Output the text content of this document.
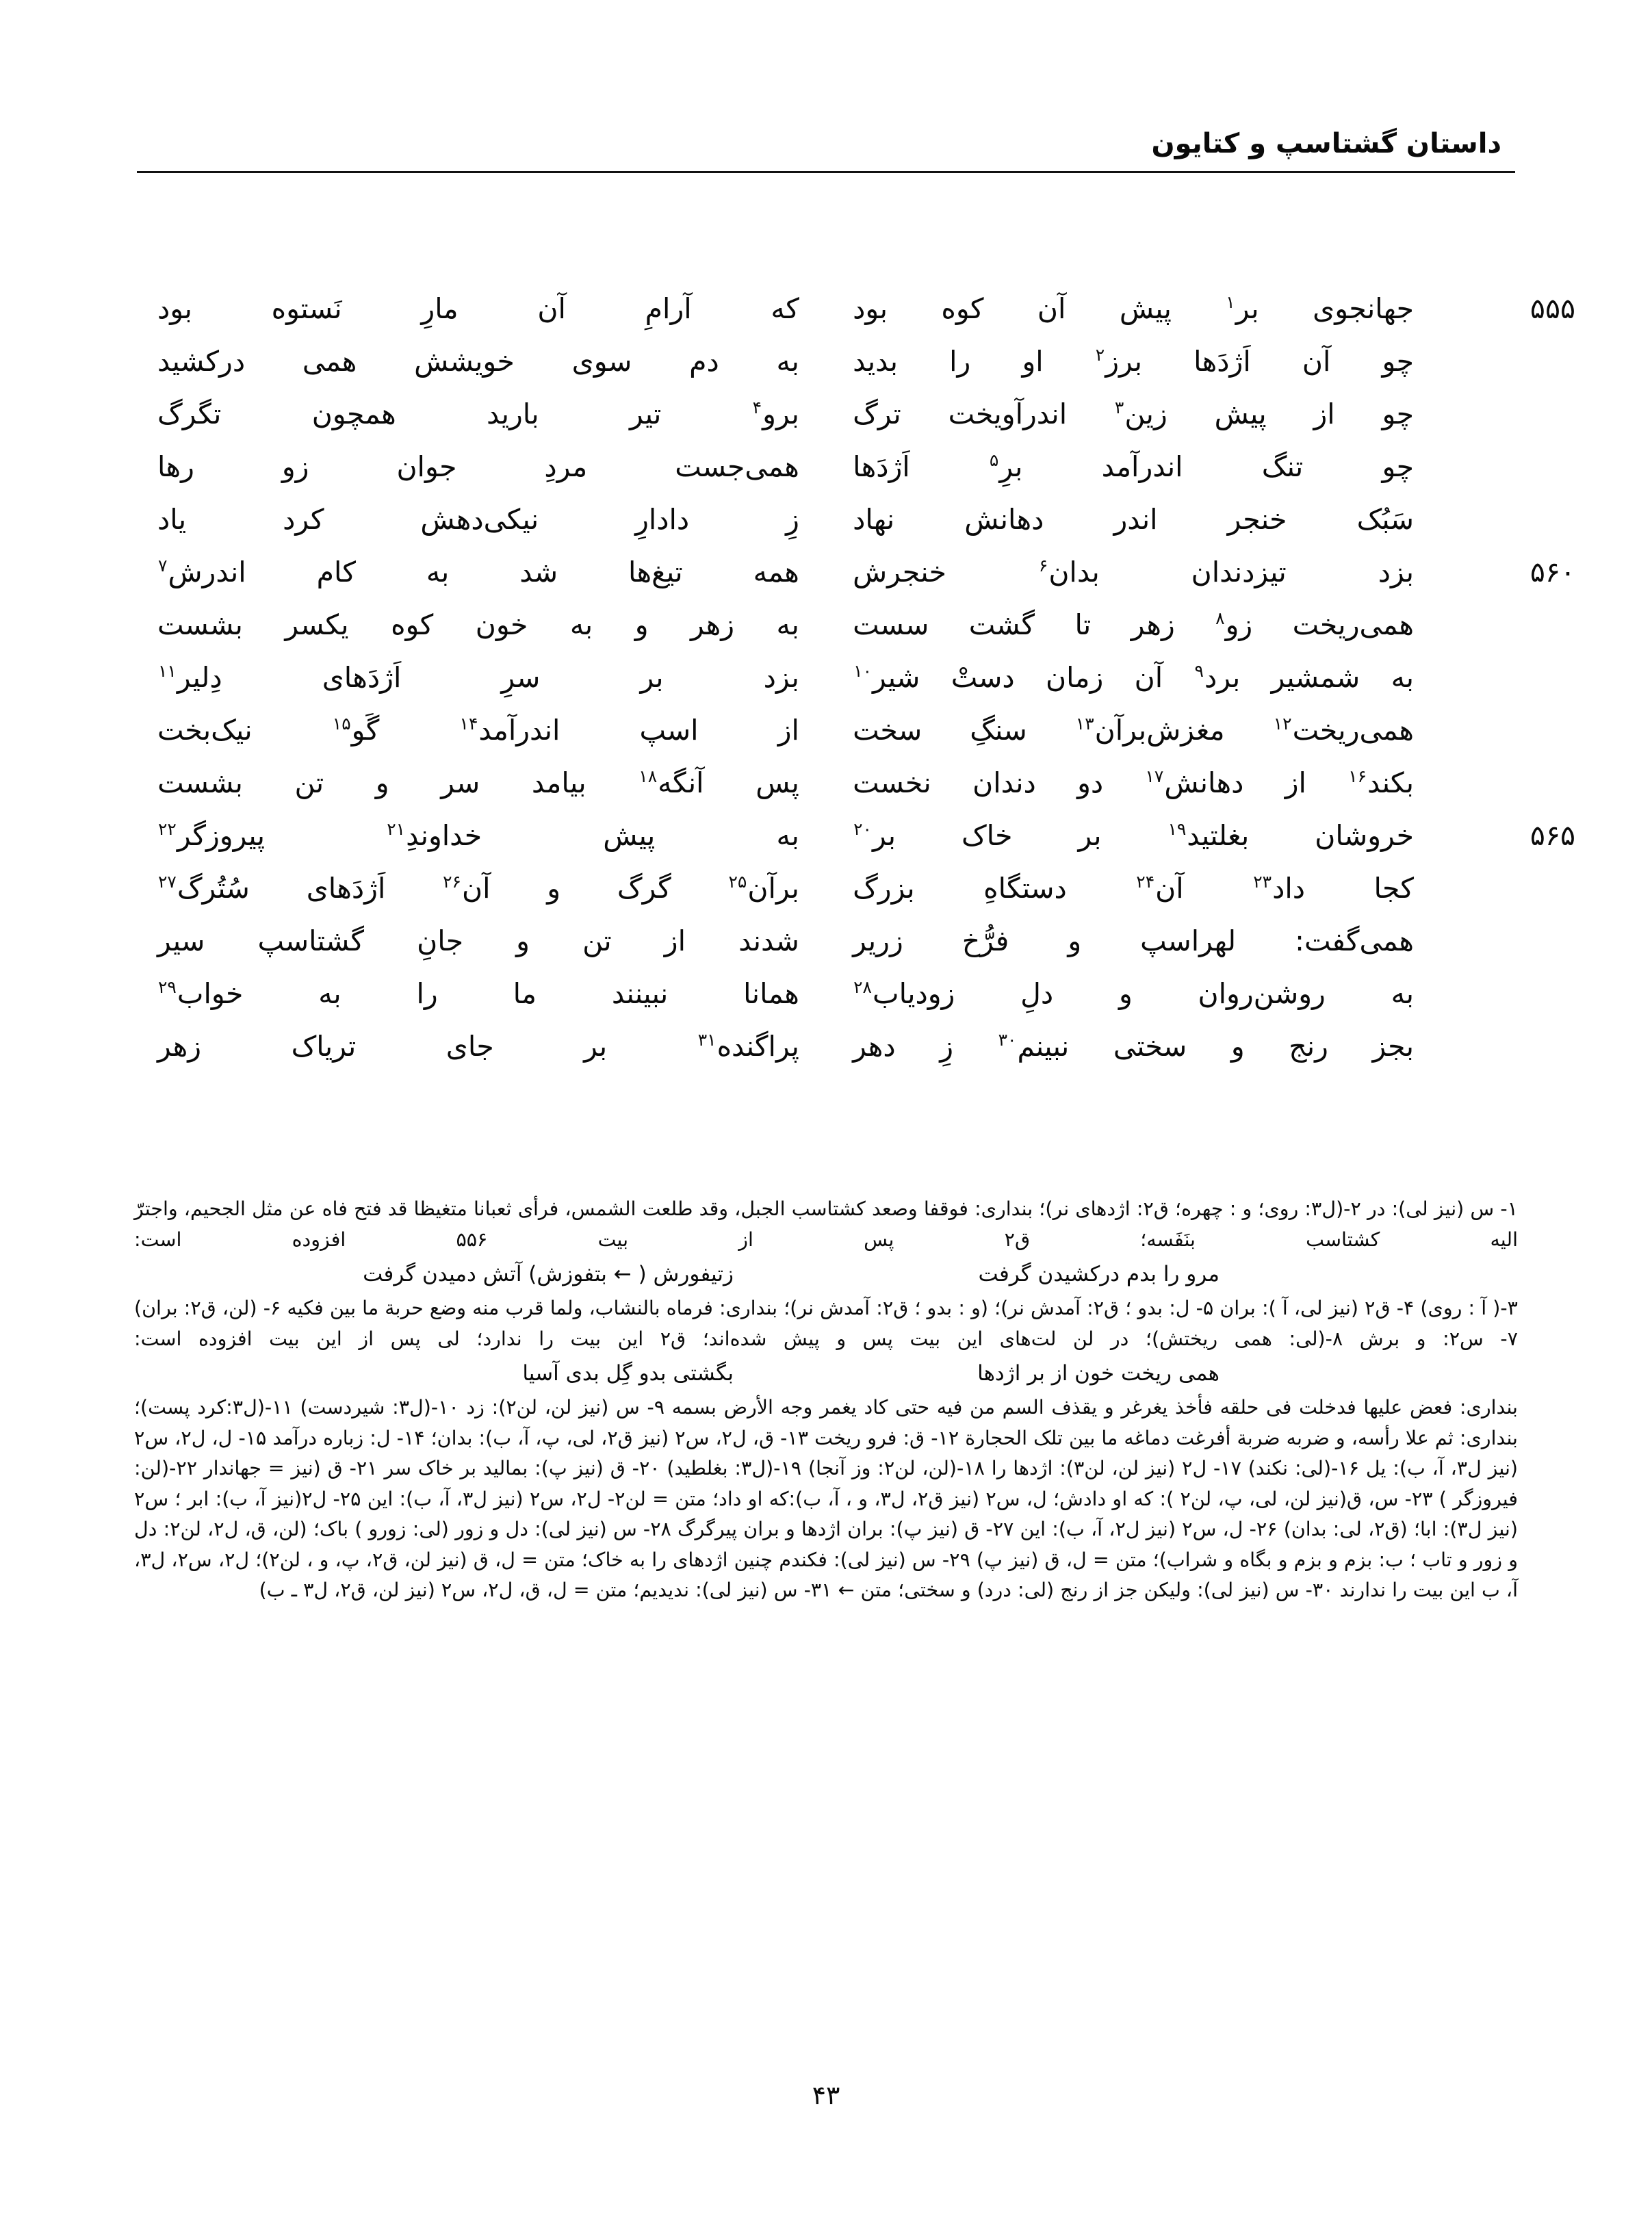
داستان گشتاسپ و کتایون
۵۵۵
جهانجوی
بر$^۱$
پیش
آن
کوه
بود
که
آرامِ
آن
مارِ
نَستوه
بود
چو
آن
اَژدَها
برز$^۲$
او
را
بدید
به
دم
سوی
خویشش
همی
درکشید
چو
از
پیش
زین$^۳$
اندرآویخت
ترگ
برو$^۴$
تیر
بارید
همچون
تگرگ
چو
تنگ
اندرآمد
برِ$^۵$
اَژدَها
همی‌جست
مردِ
جوان
زو
رها
سَبُک
خنجر
اندر
دهانش
نهاد
زِ
دادارِ
نیکی‌دهش
کرد
یاد
۵۶۰
بزد
تیزدندان
بدان$^۶$
خنجرش
همه
تیغ‌ها
شد
به
کام
اندرش$^۷$
همی‌ریخت
زو$^۸$
زهر
تا
گشت
سست
به
زهر
و
به
خون
کوه
یکسر
بشست
به
شمشیر
برد$^۹$
آن
زمان
دستْ
شیر$^{۱۰}$
بزد
بر
سرِ
اَژدَهای
دِلیر$^{۱۱}$
همی‌ریخت$^{۱۲}$
مغزش‌برآن$^{۱۳}$
سنگِ
سخت
از
اسپ
اندرآمد$^{۱۴}$
گَو$^{۱۵}$
نیک‌بخت
بکند$^{۱۶}$
از
دهانش$^{۱۷}$
دو
دندان
نخست
پس
آنگه$^{۱۸}$
بیامد
سر
و
تن
بشست
۵۶۵
خروشان
بغلتید$^{۱۹}$
بر
خاک
بر$^{۲۰}$
به
پیش
خداوندِ$^{۲۱}$
پیروزگر$^{۲۲}$
کجا
داد$^{۲۳}$
آن$^{۲۴}$
دستگاهِ
بزرگ
برآن$^{۲۵}$
گرگ
و
آن$^{۲۶}$
اَژدَهای
سُتُرگ$^{۲۷}$
همی‌گفت:
لهراسپ
و
فرُّخ
زریر
شدند
از
تن
و
جانِ
گشتاسپ
سیر
به
روشن‌روان
و
دلِ
زودیاب$^{۲۸}$
همانا
نبینند
ما
را
به
خواب$^{۲۹}$
بجز
رنج
و
سختی
نبینم$^{۳۰}$
زِ
دهر
پراگنده$^{۳۱}$
بر
جای
تریاک
زهر

۱- س (نیز لی): در ۲-(ل۳: روی؛ و : چهره؛ ق۲: اژدهای نر)؛ بنداری: فوقفا وصعد کشتاسب الجبل، وقد طلعت الشمس، فرأی ثعبانا متغیظا قد فتح فاه عن مثل الجحیم، واجترّ الیه کشتاسب بنَفَسه؛ ق۲ پس از بیت ۵۵۶ افزوده است:

مرو را بدم درکشیدن گرفت
زتیفورش ( ← بتفوزش) آتش دمیدن گرفت

۳-( آ : روی) ۴- ق۲ (نیز لی، آ ): بران ۵- ل: بدو ؛ ق۲: آمدش نر)؛ (و : بدو ؛ ق۲: آمدش نر)؛ بنداری: فرماه بالنشاب، ولما قرب منه وضع حربة ما بین فکیه ۶- (لن، ق۲: بران) ۷- س۲: و برش ۸-(لی: همی ریختش)؛ در لن لت‌های این بیت پس و پیش شده‌اند؛ ق۲ این بیت را ندارد؛ لی پس از این بیت افزوده است:

همی ریخت خون از بر اژدها
بگشتی بدو گِل بدی آسیا

بنداری: فعض علیها فدخلت فی حلقه فأخذ یغرغر و یقذف السم من فیه حتی کاد یغمر وجه الأرض بسمه ۹- س (نیز لن، لن۲): زد ۱۰-(ل۳: شیردست) ۱۱-(ل۳:کرد پست)؛ بنداری: ثم علا رأسه، و ضربه ضربة أفرغت دماغه ما بین تلک الحجارة ۱۲- ق: فرو ریخت ۱۳- ق، ل۲، س۲ (نیز ق۲، لی، پ، آ، ب): بدان؛ ۱۴- ل: زباره درآمد ۱۵- ل، ل۲، س۲ (نیز ل۳، آ، ب): یل ۱۶-(لی: نکند) ۱۷- ل۲ (نیز لن، لن۳): اژدها را ۱۸-(لن، لن۲: وز آنجا) ۱۹-(ل۳: بغلطید) ۲۰- ق (نیز پ): بمالید بر خاک سر ۲۱- ق (نیز = جهاندار ۲۲-(لن: فیروزگر ) ۲۳- س، ق(نیز لن، لی، پ، لن۲ ): که او دادش؛ ل، س۲ (نیز ق۲، ل۳، و ، آ، ب):که او داد؛ متن = لن۲- ل۲، س۲ (نیز ل۳، آ، ب): این ۲۵- ل۲(نیز آ، ب): ابر ؛ س۲ (نیز ل۳): ابا؛ (ق۲، لی: بدان) ۲۶- ل، س۲ (نیز ل۲، آ، ب): این ۲۷- ق (نیز پ): بران اژدها و بران پیرگرگ ۲۸- س (نیز لی): دل و زور (لی: زورو ) باک؛ (لن، ق، ل۲، لن۲: دل و زور و تاب ؛ ب: بزم و بزم و بگاه و شراب)؛ متن = ل، ق (نیز پ) ۲۹- س (نیز لی): فکندم چنین اژدهای را به خاک؛ متن = ل، ق (نیز لن، ق۲، پ، و ، لن۲)؛ ل۲، س۲، ل۳، آ، ب این بیت را ندارند ۳۰- س (نیز لی): ولیکن جز از رنج (لی: درد) و سختی؛ متن ← ۳۱- س (نیز لی): ندیدیم؛ متن = ل، ق، ل۲، س۲ (نیز لن، ق۲، ل۳ ـ ب)

۴۳
